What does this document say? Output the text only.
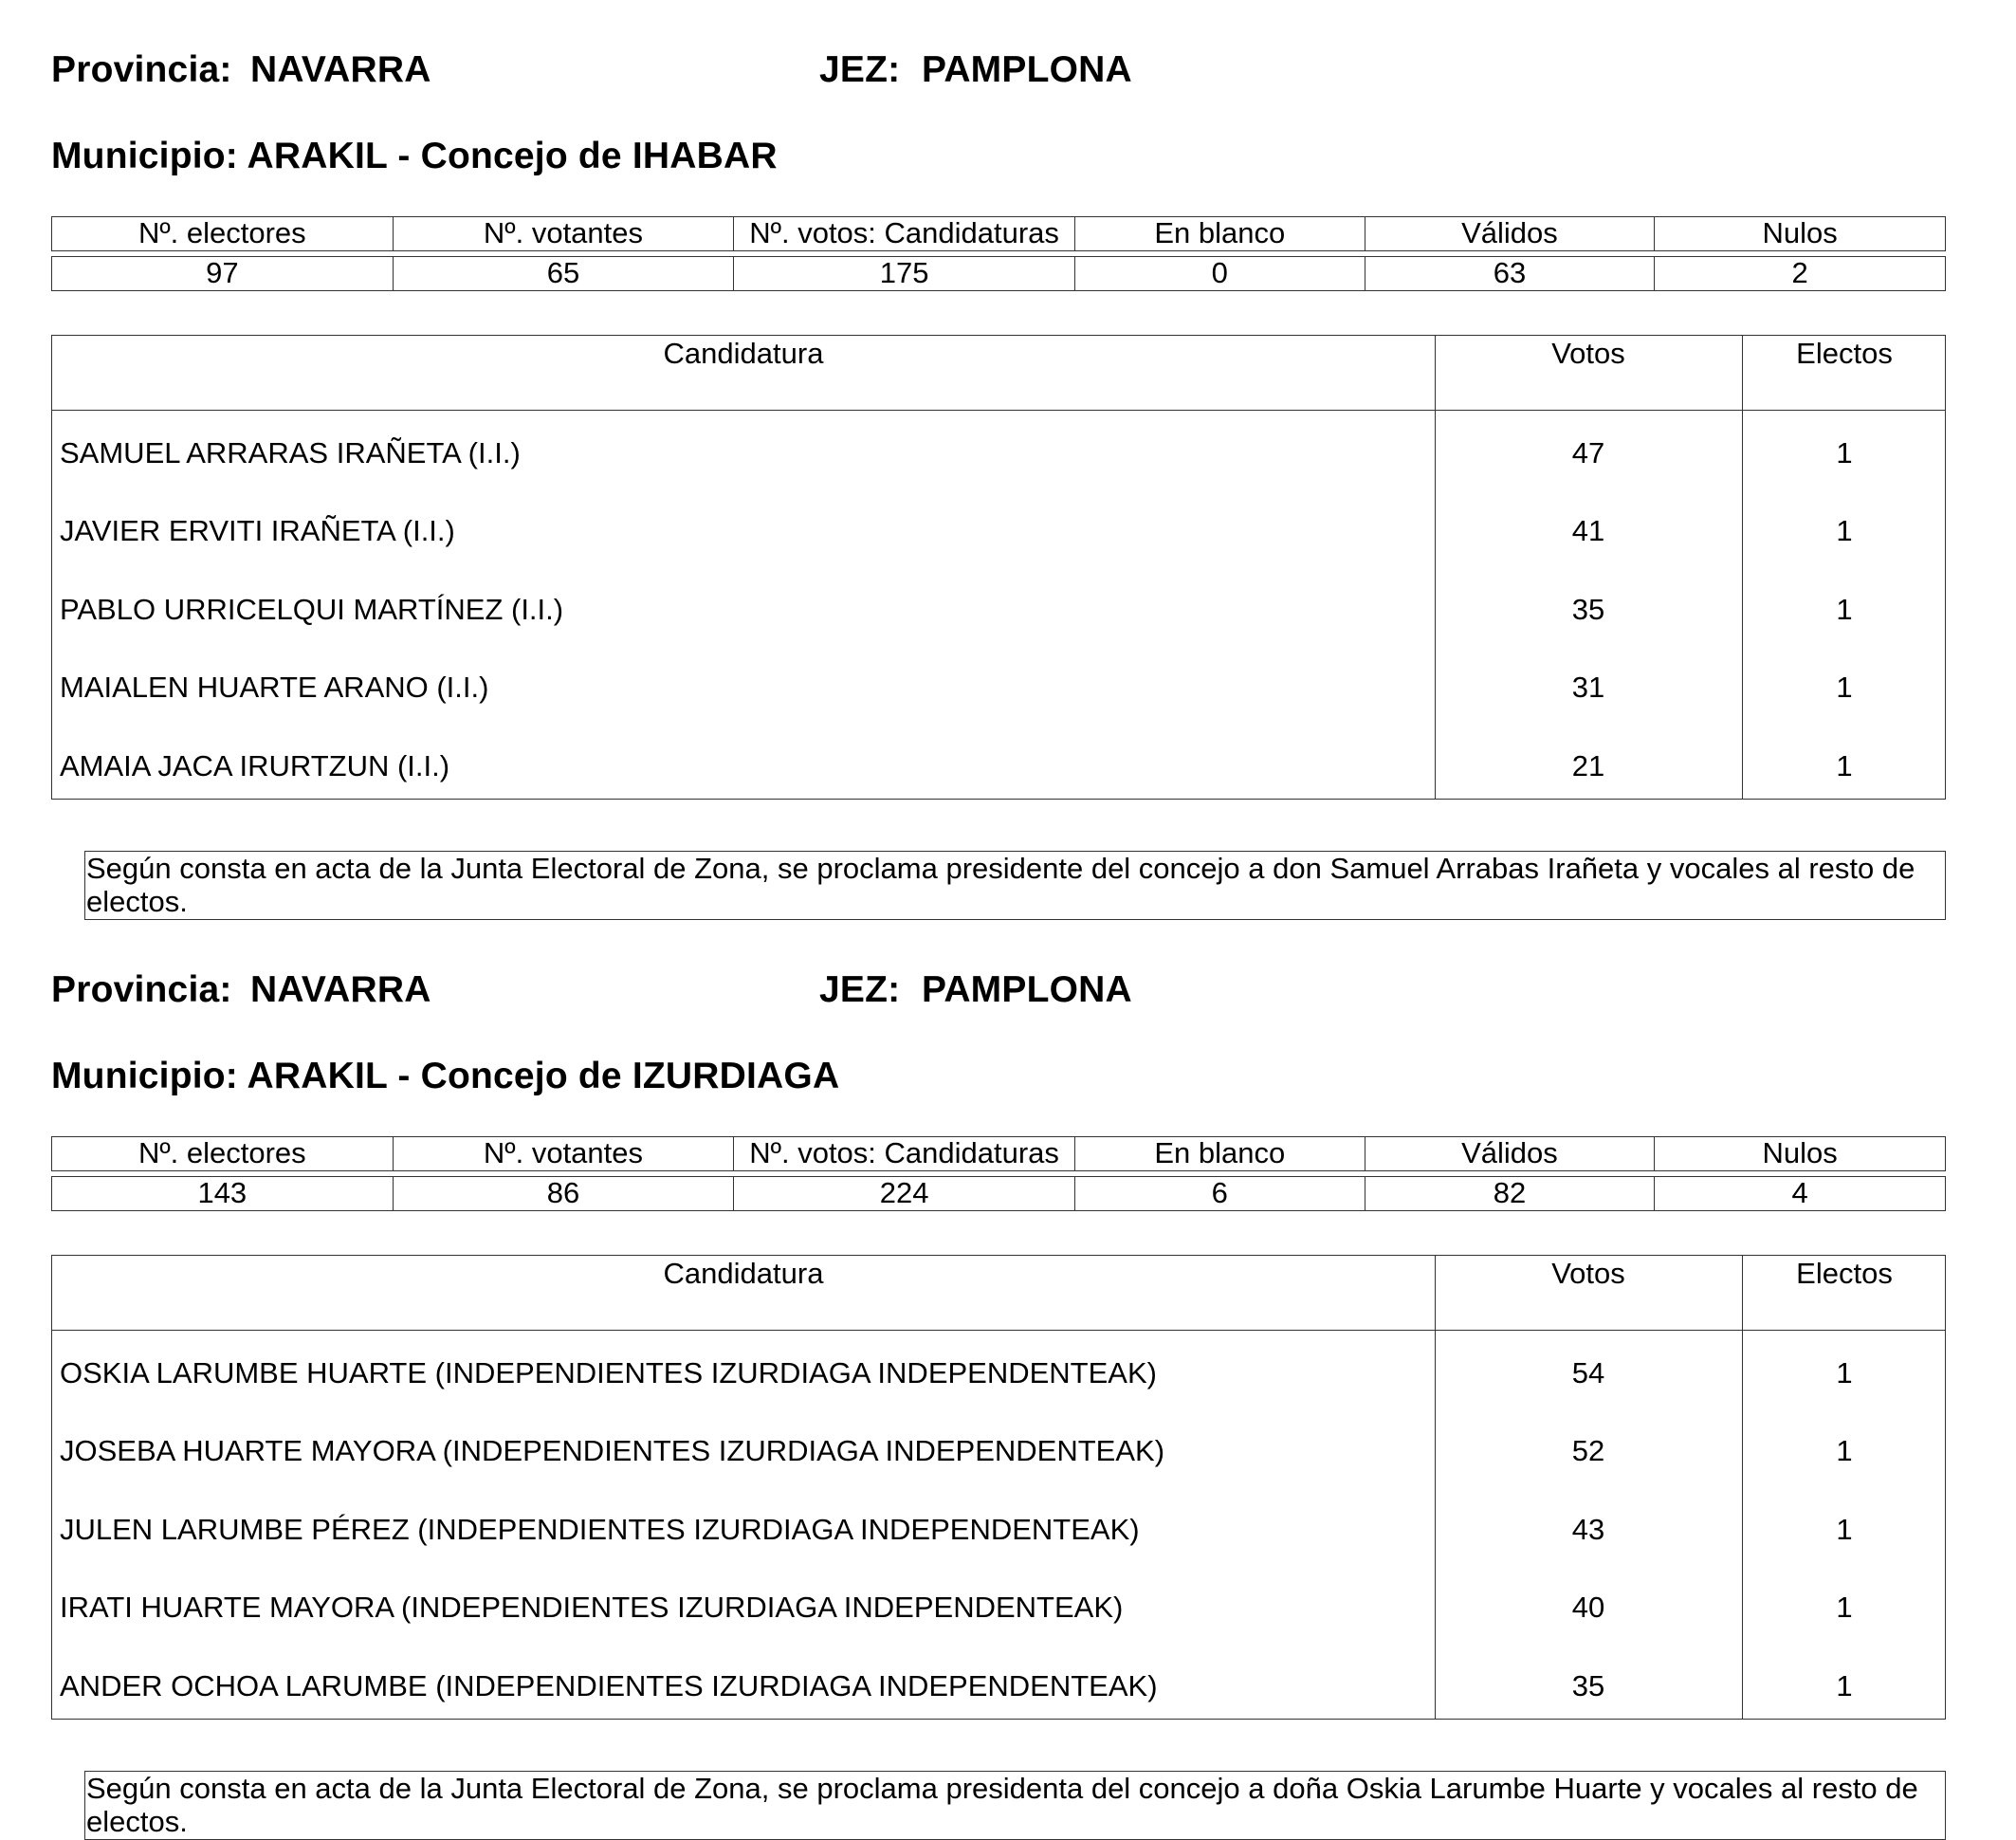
Provincia: NAVARRA	JEZ: PAMPLONA
Municipio: ARAKIL - Concejo de IHABAR
Nº. electores	Nº. votantes	Nº. votos: Candidaturas	En blanco	Válidos	Nulos
97	65	175	0	63	2
Candidatura	Votos	Electos
SAMUEL ARRARAS IRAÑETA (I.I.)	47	1
JAVIER ERVITI IRAÑETA (I.I.)	41	1
PABLO URRICELQUI MARTÍNEZ (I.I.)	35	1
MAIALEN HUARTE ARANO (I.I.)	31	1
AMAIA JACA IRURTZUN (I.I.)	21	1
Según consta en acta de la Junta Electoral de Zona, se proclama presidente del concejo a don Samuel Arrabas Irañeta y vocales al resto de electos.
Provincia: NAVARRA	JEZ: PAMPLONA
Municipio: ARAKIL - Concejo de IZURDIAGA
Nº. electores	Nº. votantes	Nº. votos: Candidaturas	En blanco	Válidos	Nulos
143	86	224	6	82	4
Candidatura	Votos	Electos
OSKIA LARUMBE HUARTE (INDEPENDIENTES IZURDIAGA INDEPENDENTEAK)	54	1
JOSEBA HUARTE MAYORA (INDEPENDIENTES IZURDIAGA INDEPENDENTEAK)	52	1
JULEN LARUMBE PÉREZ (INDEPENDIENTES IZURDIAGA INDEPENDENTEAK)	43	1
IRATI HUARTE MAYORA (INDEPENDIENTES IZURDIAGA INDEPENDENTEAK)	40	1
ANDER OCHOA LARUMBE (INDEPENDIENTES IZURDIAGA INDEPENDENTEAK)	35	1
Según consta en acta de la Junta Electoral de Zona, se proclama presidenta del concejo a doña Oskia Larumbe Huarte y vocales al resto de electos.
